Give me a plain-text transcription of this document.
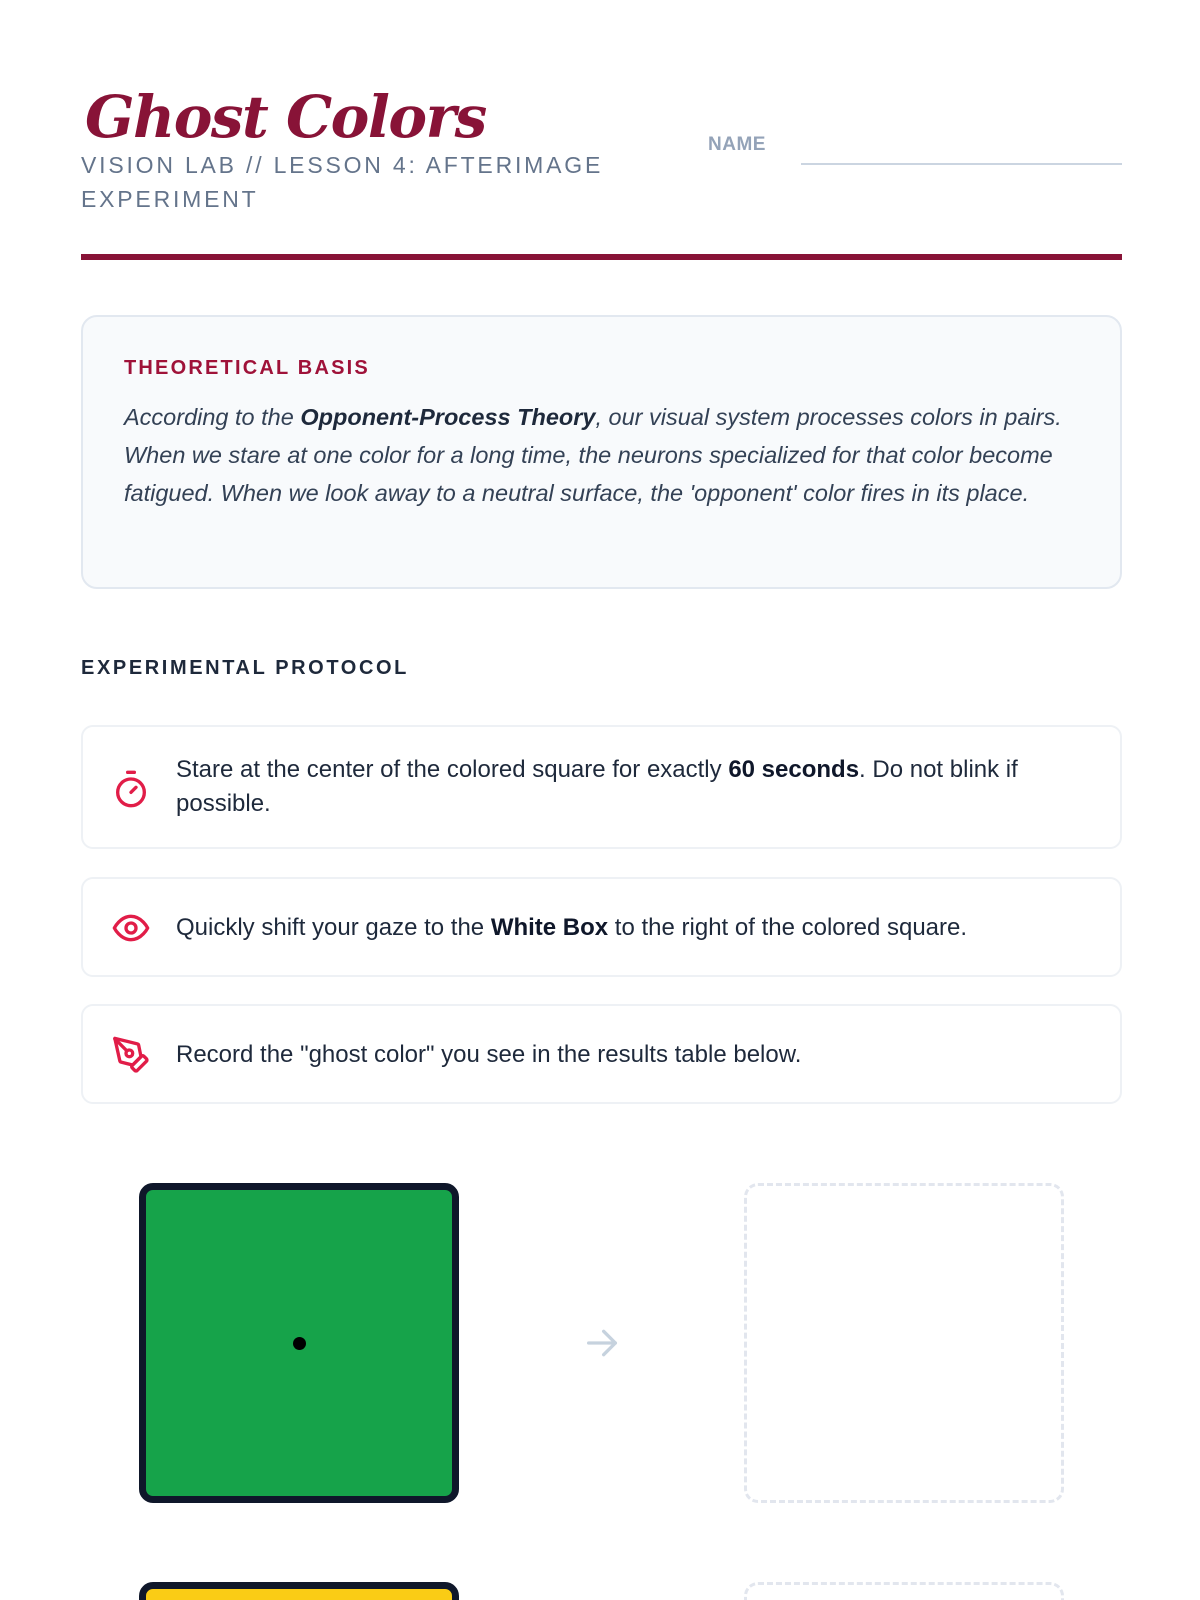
Ghost Colors
VISION LAB // LESSON 4: AFTERIMAGE EXPERIMENT
NAME
THEORETICAL BASIS

According to the Opponent-Process Theory, our visual system processes colors in pairs. When we stare at one color for a long time, the neurons specialized for that color become fatigued. When we look away to a neutral surface, the 'opponent' color fires in its place.

EXPERIMENTAL PROTOCOL
Stare at the center of the colored square for exactly 60 seconds. Do not blink if possible.
Quickly shift your gaze to the White Box to the right of the colored square.
Record the "ghost color" you see in the results table below.
